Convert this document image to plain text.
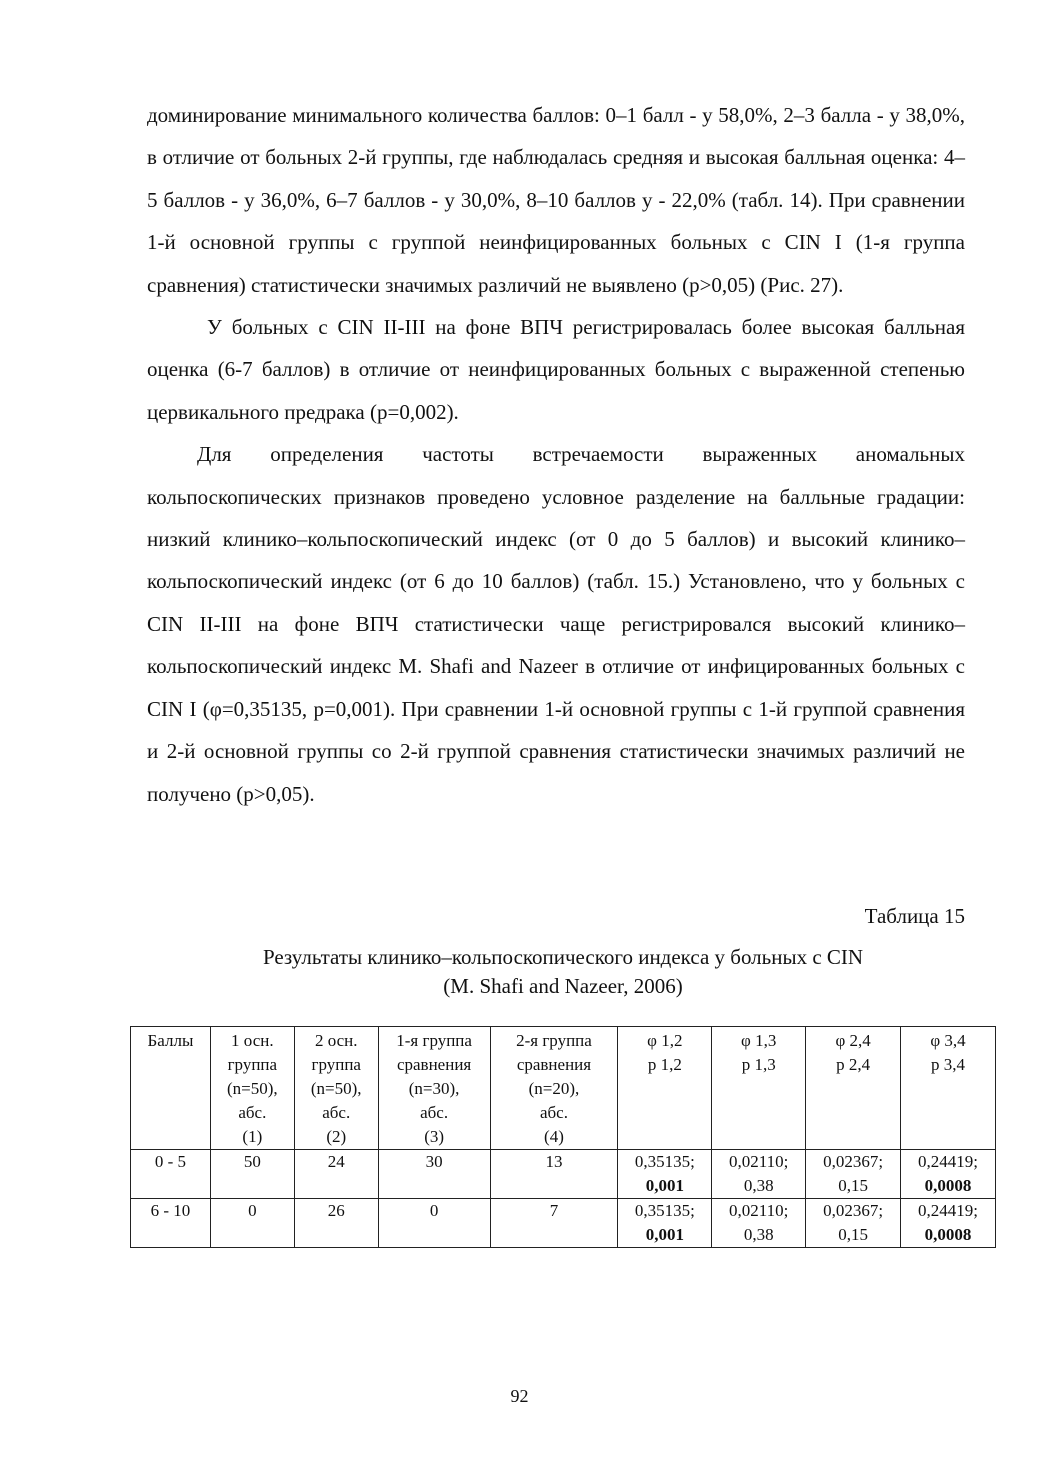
доминирование минимального количества баллов: 0–1 балл - у 58,0%, 2–3 балла - у 38,0%, в отличие от больных 2-й группы, где наблюдалась средняя и высокая балльная оценка: 4–5 баллов - у 36,0%, 6–7 баллов - у 30,0%, 8–10 баллов у - 22,0% (табл. 14). При сравнении 1-й основной группы с группой неинфицированных больных с CIN I (1-я группа сравнения) статистически значимых различий не выявлено (p>0,05) (Рис. 27).

У больных с CIN II-III на фоне ВПЧ регистрировалась более высокая балльная оценка (6-7 баллов) в отличие от неинфицированных больных с выраженной степенью цервикального предрака (p=0,002).

Для определения частоты встречаемости выраженных аномальных кольпоскопических признаков проведено условное разделение на балльные градации: низкий клинико–кольпоскопический индекс (от 0 до 5 баллов) и высокий клинико–кольпоскопический индекс (от 6 до 10 баллов) (табл. 15.) Установлено, что у больных с CIN II-III на фоне ВПЧ статистически чаще регистрировался высокий клинико–кольпоскопический индекс M. Shafi and Nazeer в отличие от инфицированных больных с CIN I (φ=0,35135, p=0,001). При сравнении 1-й основной группы с 1-й группой сравнения и 2-й основной группы со 2-й группой сравнения статистически значимых различий не получено (p>0,05).

Таблица 15
Результаты клинико–кольпоскопического индекса у больных с CIN
(M. Shafi and Nazeer, 2006)
Баллы	1 осн.
группа
(n=50),
абс.
(1)	2 осн.
группа
(n=50),
абс.
(2)	1-я группа
сравнения
(n=30),
абс.
(3)	2-я группа
сравнения
(n=20),
абс.
(4)	φ 1,2
p 1,2	φ 1,3
p 1,3	φ 2,4
p 2,4	φ 3,4
p 3,4

0 - 5	50	24	30	13	0,35135;
0,001	0,02110;
0,38	0,02367;
0,15	0,24419;
0,0008

6 - 10	0	26	0	7	0,35135;
0,001	0,02110;
0,38	0,02367;
0,15	0,24419;
0,0008
92
